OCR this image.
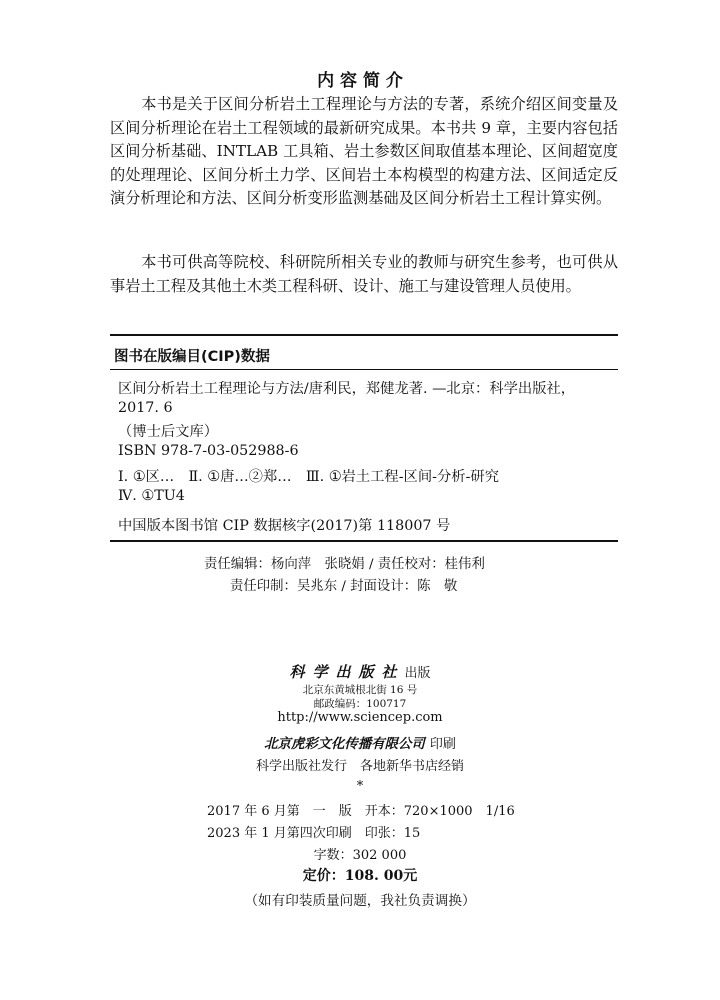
内 容 简 介
本书是关于区间分析岩土工程理论与方法的专著，系统介绍区间变量及区间分析理论在岩土工程领域的最新研究成果。本书共 9 章，主要内容包括区间分析基础、INTLAB 工具箱、岩土参数区间取值基本理论、区间超宽度的处理理论、区间分析土力学、区间岩土本构模型的构建方法、区间适定反演分析理论和方法、区间分析变形监测基础及区间分析岩土工程计算实例。
本书可供高等院校、科研院所相关专业的教师与研究生参考，也可供从事岩土工程及其他土木类工程科研、设计、施工与建设管理人员使用。
图书在版编目(CIP)数据
区间分析岩土工程理论与方法/唐利民，郑健龙著. —北京：科学出版社，
2017. 6
（博士后文库）
ISBN 978-7-03-052988-6
Ⅰ. ①区…　Ⅱ. ①唐…②郑…　Ⅲ. ①岩土工程-区间-分析-研究
Ⅳ. ①TU4
中国版本图书馆 CIP 数据核字(2017)第 118007 号
责任编辑：杨向萍　张晓娟 / 责任校对：桂伟利
责任印制：吴兆东 / 封面设计：陈　敬
科学出版社出版
北京东黄城根北街 16 号
邮政编码：100717
http://www.sciencep.com
北京虎彩文化传播有限公司 印刷
科学出版社发行　各地新华书店经销
*
2017 年 6 月第　一　版　开本：720×1000　1/16
2023 年 1 月第四次印刷　印张：15
字数：302 000
定价：108. 00元
（如有印装质量问题，我社负责调换）
